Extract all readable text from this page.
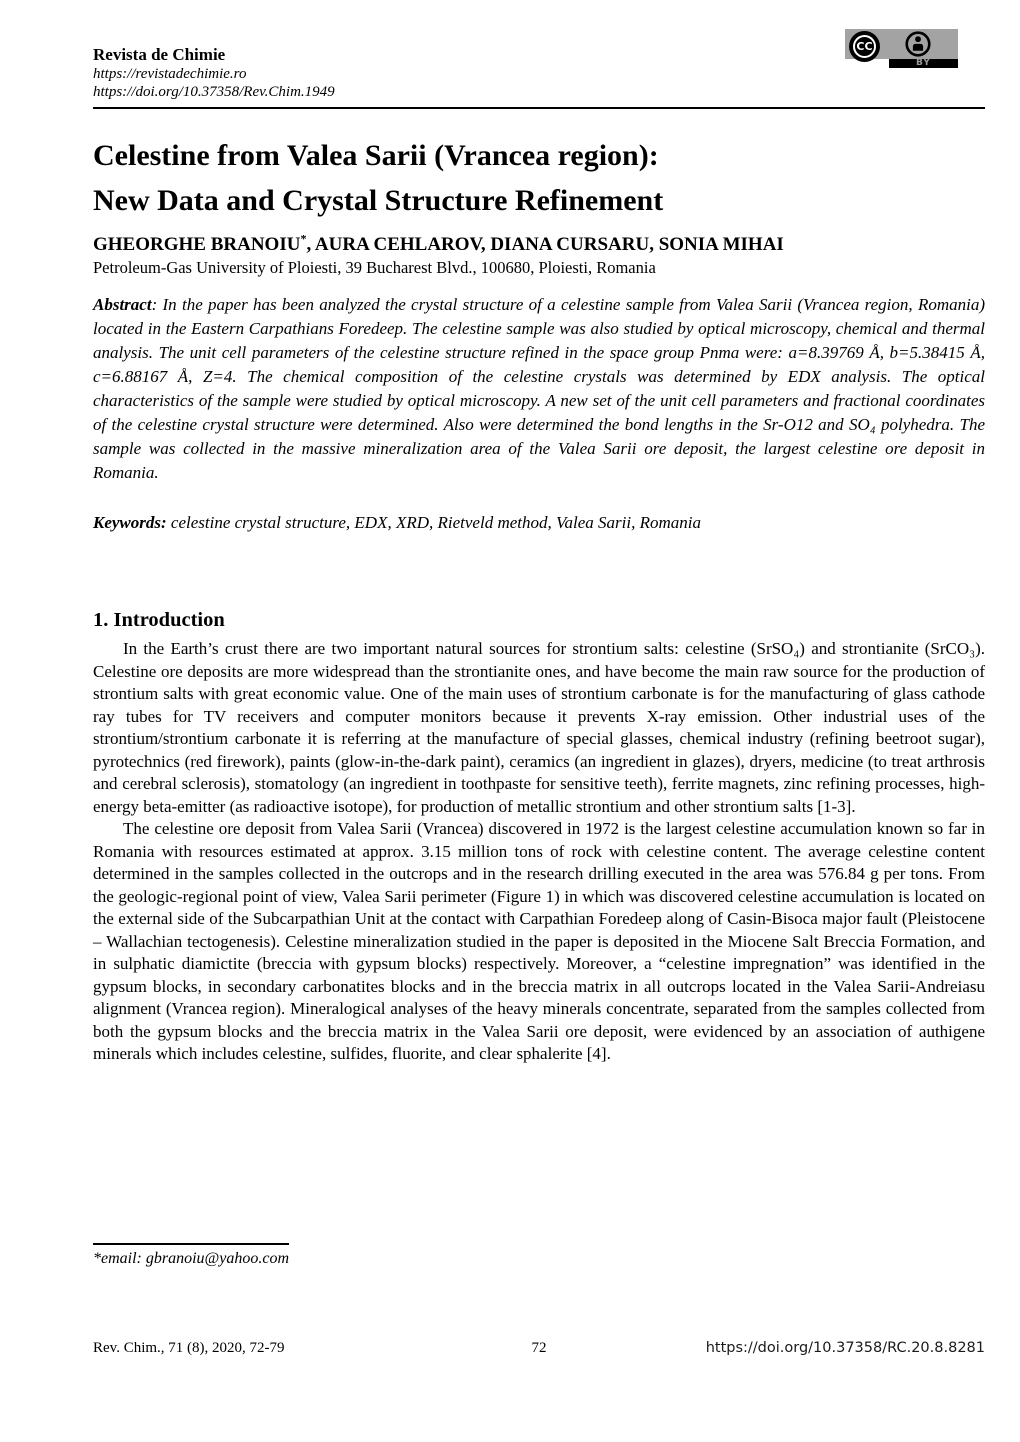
CC
BY
Revista de Chimie
https://revistadechimie.ro
https://doi.org/10.37358/Rev.Chim.1949
Celestine from Valea Sarii (Vrancea region):
New Data and Crystal Structure Refinement
GHEORGHE BRANOIU*, AURA CEHLAROV, DIANA CURSARU, SONIA MIHAI
Petroleum-Gas University of Ploiesti, 39 Bucharest Blvd., 100680, Ploiesti, Romania
Abstract: In the paper has been analyzed the crystal structure of a celestine sample from Valea Sarii (Vrancea region, Romania) located in the Eastern Carpathians Foredeep. The celestine sample was also studied by optical microscopy, chemical and thermal analysis. The unit cell parameters of the celestine structure refined in the space group Pnma were: a=8.39769 Å, b=5.38415 Å, c=6.88167 Å, Z=4. The chemical composition of the celestine crystals was determined by EDX analysis. The optical characteristics of the sample were studied by optical microscopy. A new set of the unit cell parameters and fractional coordinates of the celestine crystal structure were determined. Also were determined the bond lengths in the Sr-O12 and SO₄ polyhedra. The sample was collected in the massive mineralization area of the Valea Sarii ore deposit, the largest celestine ore deposit in Romania.
Keywords: celestine crystal structure, EDX, XRD, Rietveld method, Valea Sarii, Romania
1. Introduction

In the Earth’s crust there are two important natural sources for strontium salts: celestine (SrSO₄) and strontianite (SrCO₃). Celestine ore deposits are more widespread than the strontianite ones, and have become the main raw source for the production of strontium salts with great economic value. One of the main uses of strontium carbonate is for the manufacturing of glass cathode ray tubes for TV receivers and computer monitors because it prevents X-ray emission. Other industrial uses of the strontium/strontium carbonate it is referring at the manufacture of special glasses, chemical industry (refining beetroot sugar), pyrotechnics (red firework), paints (glow-in-the-dark paint), ceramics (an ingredient in glazes), dryers, medicine (to treat arthrosis and cerebral sclerosis), stomatology (an ingredient in toothpaste for sensitive teeth), ferrite magnets, zinc refining processes, high-energy beta-emitter (as radioactive isotope), for production of metallic strontium and other strontium salts [1-3].

The celestine ore deposit from Valea Sarii (Vrancea) discovered in 1972 is the largest celestine accumulation known so far in Romania with resources estimated at approx. 3.15 million tons of rock with celestine content. The average celestine content determined in the samples collected in the outcrops and in the research drilling executed in the area was 576.84 g per tons. From the geologic-regional point of view, Valea Sarii perimeter (Figure 1) in which was discovered celestine accumulation is located on the external side of the Subcarpathian Unit at the contact with Carpathian Foredeep along of Casin-Bisoca major fault (Pleistocene – Wallachian tectogenesis). Celestine mineralization studied in the paper is deposited in the Miocene Salt Breccia Formation, and in sulphatic diamictite (breccia with gypsum blocks) respectively. Moreover, a “celestine impregnation” was identified in the gypsum blocks, in secondary carbonatites blocks and in the breccia matrix in all outcrops located in the Valea Sarii-Andreiasu alignment (Vrancea region). Mineralogical analyses of the heavy minerals concentrate, separated from the samples collected from both the gypsum blocks and the breccia matrix in the Valea Sarii ore deposit, were evidenced by an association of authigene minerals which includes celestine, sulfides, fluorite, and clear sphalerite [4].

*email: gbranoiu@yahoo.com
Rev. Chim., 71 (8), 2020, 72-79	72	https://doi.org/10.37358/RC.20.8.8281
